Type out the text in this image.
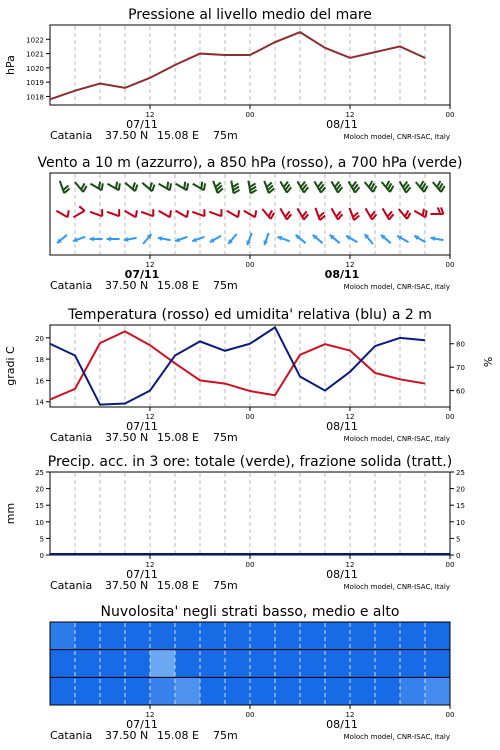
Pressione al livello medio del mare
1018
1019
1020
1021
1022
hPa
12	00	12	00
07/11	08/11
Catania 37.50 N 15.08 E 75m	Moloch model, CNR-ISAC, Italy
Vento a 10 m (azzurro), a 850 hPa (rosso), a 700 hPa (verde)
12	00	12	00
07/11	08/11
Catania 37.50 N 15.08 E 75m	Moloch model, CNR-ISAC, Italy
Temperatura (rosso) ed umidita' relativa (blu) a 2 m
14
16
18
20
60
70
80
gradi C	%
12	00	12	00
07/11	08/11
Catania 37.50 N 15.08 E 75m	Moloch model, CNR-ISAC, Italy
Precip. acc. in 3 ore: totale (verde), frazione solida (tratt.)
0
5
10
15
20
25
0
5
10
15
20
25
mm
12	00	12	00
07/11	08/11
Catania 37.50 N 15.08 E 75m	Moloch model, CNR-ISAC, Italy
Nuvolosita' negli strati basso, medio e alto
12	00	12	00
07/11	08/11
Catania 37.50 N 15.08 E 75m	Moloch model, CNR-ISAC, Italy
